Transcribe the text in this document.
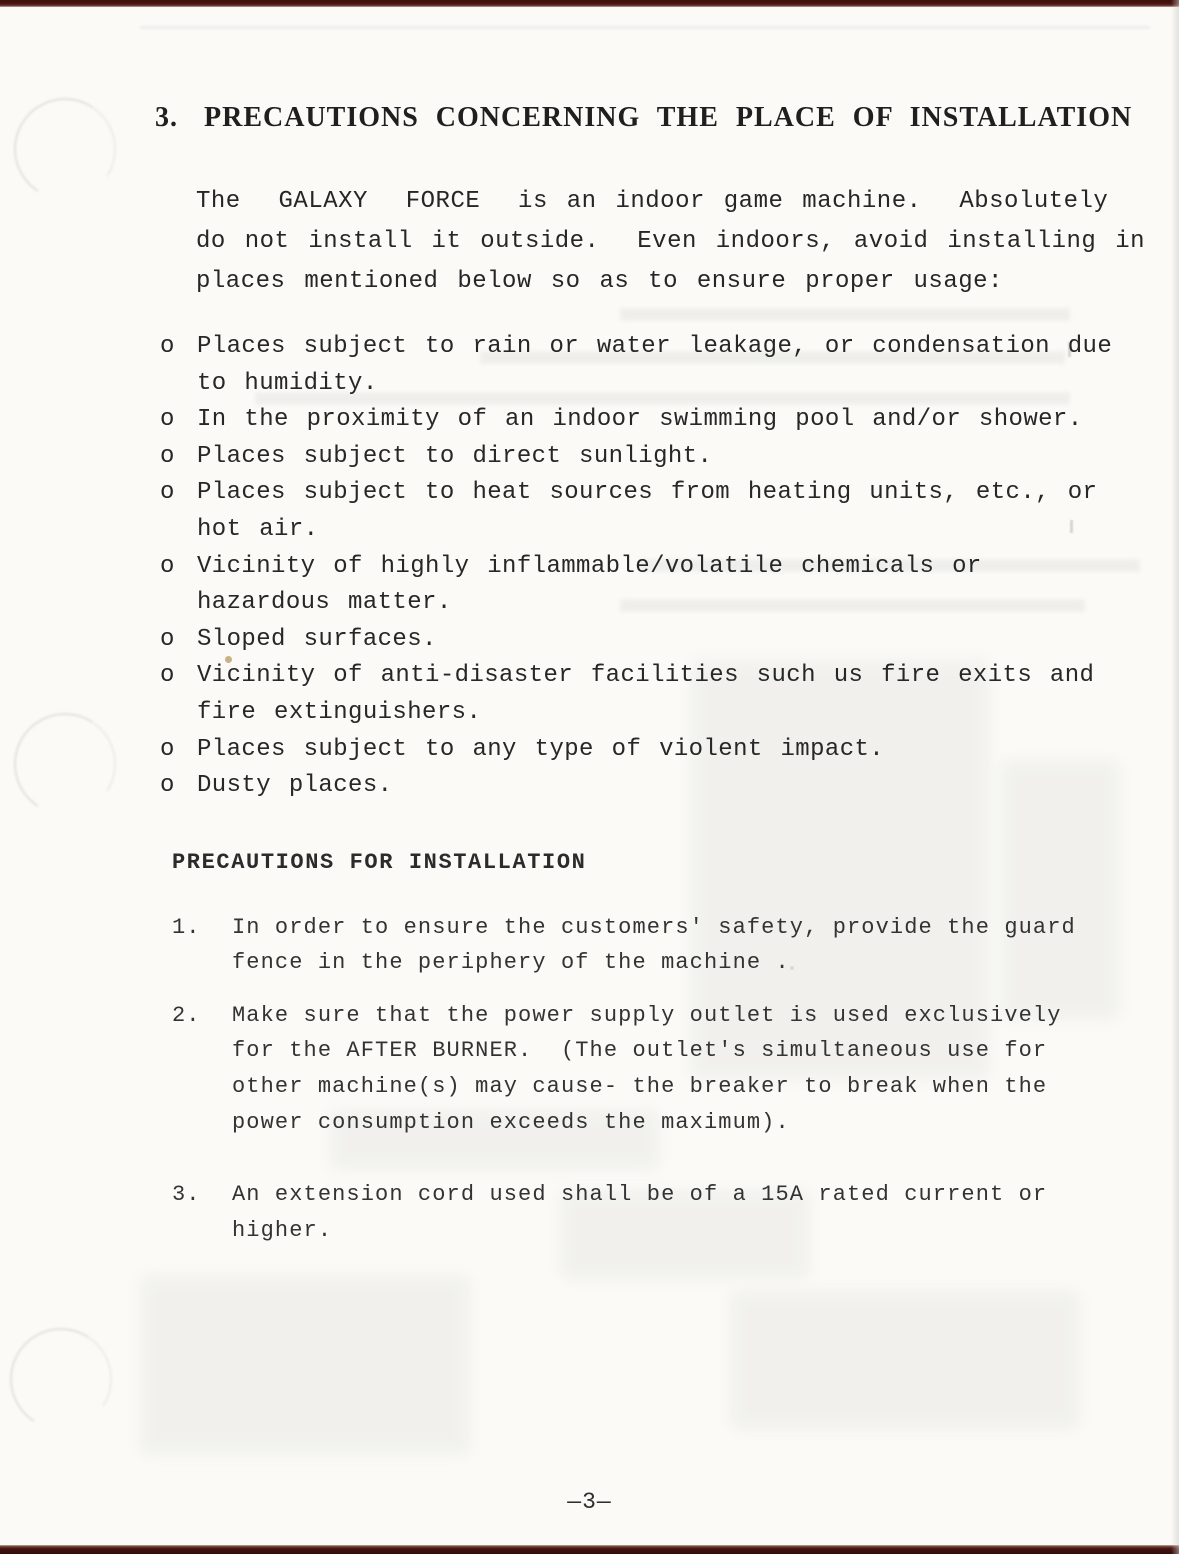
3. PRECAUTIONS CONCERNING THE PLACE OF INSTALLATION
The  GALAXY  FORCE  is an indoor game machine.  Absolutely
do not install it outside.  Even indoors, avoid installing in
places mentioned below so as to ensure proper usage:
o Places subject to rain or water leakage, or condensation due
to humidity.
o In the proximity of an indoor swimming pool and/or shower.
o Places subject to direct sunlight.
o Places subject to heat sources from heating units, etc., or
hot air.
o Vicinity of highly inflammable/volatile chemicals or
hazardous matter.
o Sloped surfaces.
o Vicinity of anti-disaster facilities such us fire exits and
fire extinguishers.
o Places subject to any type of violent impact.
o Dusty places.
PRECAUTIONS FOR INSTALLATION
1.	In order to ensure the customers' safety, provide the guard
fence in the periphery of the machine .
2.	Make sure that the power supply outlet is used exclusively
for the AFTER BURNER.  (The outlet's simultaneous use for
other machine(s) may cause- the breaker to break when the
power consumption exceeds the maximum).
3.	An extension cord used shall be of a 15A rated current or
higher.
—3—
